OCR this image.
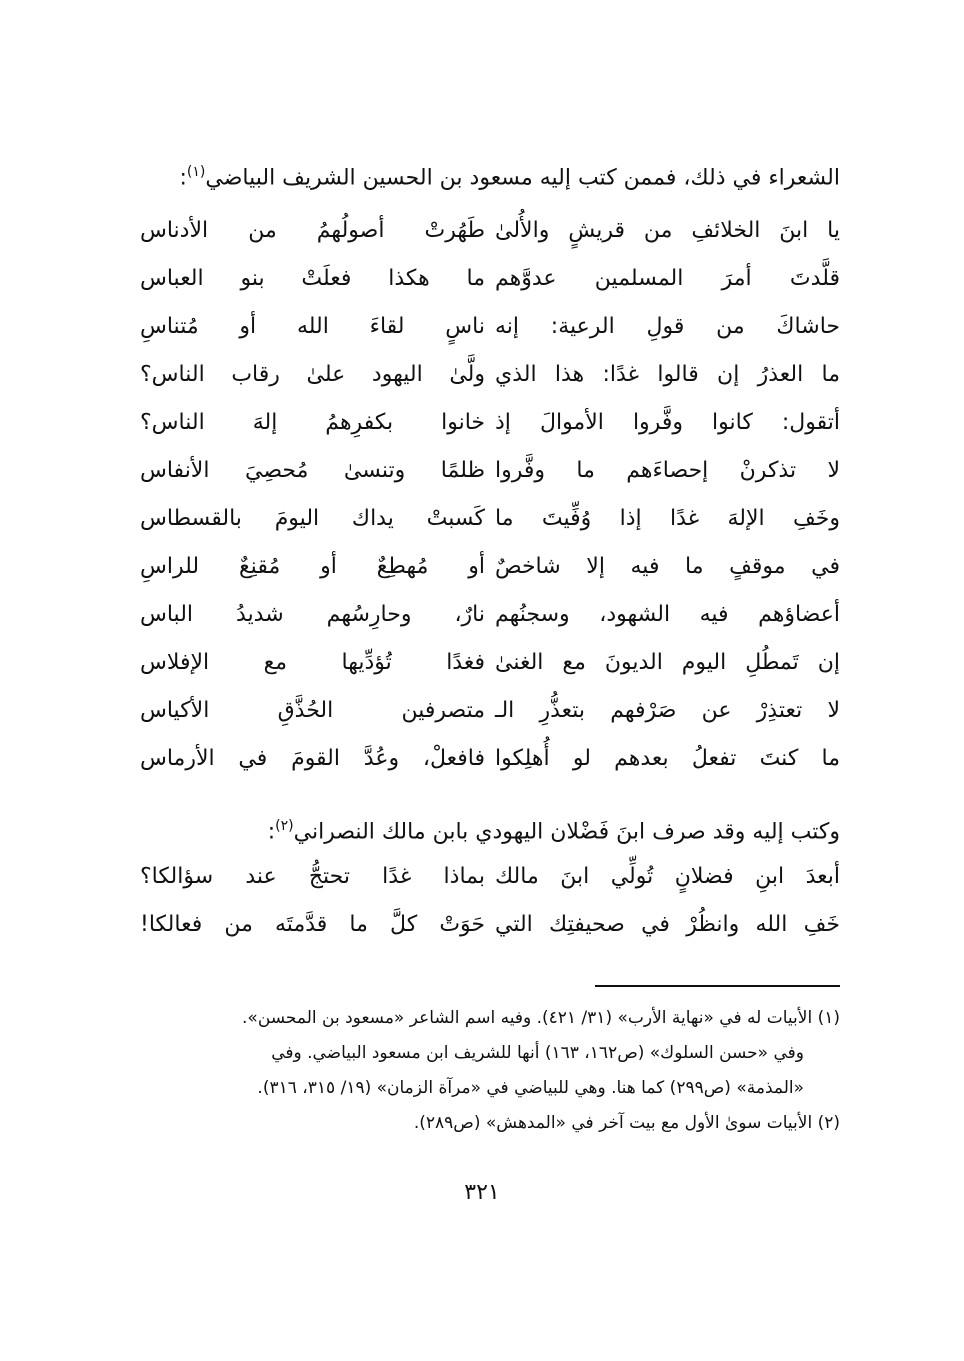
الشعراء في ذلك، فممن كتب إليه مسعود بن الحسين الشريف البياضي$^{(١)}$:
يا ابنَ الخلائفِ من قريشٍ والأُلىٰ
طَهُرتْ أصولُهمُ من الأدناس
قلَّدتَ أمرَ المسلمين عدوَّهم
ما هكذا فعلَتْ بنو العباس
حاشاكَ من قولِ الرعية: إنه
ناسٍ لقاءَ الله أو مُتناسِ
ما العذرُ إن قالوا غدًا: هذا الذي
ولَّىٰ اليهود علىٰ رقاب الناس؟
أتقول: كانوا وفَّروا الأموالَ إذ
خانوا بكفرِهمُ إلهَ الناس؟
لا تذكرنْ إحصاءَهم ما وفَّروا
ظلمًا وتنسىٰ مُحصِيَ الأنفاس
وخَفِ الإلهَ غدًا إذا وُفِّيتَ ما
كَسبتْ يداك اليومَ بالقسطاس
في موقفٍ ما فيه إلا شاخصٌ
أو مُهطِعٌ أو مُقنِعٌ للراسِ
أعضاؤهم فيه الشهود، وسجنُهم
نارٌ، وحارِسُهم شديدُ الباس
إن تَمطُلِ اليوم الديونَ مع الغنىٰ
فغدًا تُؤدِّيها مع الإفلاس
لا تعتذِرْ عن صَرْفهم بتعذُّرِ الـ
متصرفين الحُذَّقِ الأكياس
ما كنتَ تفعلُ بعدهم لو أُهلِكوا
فافعلْ، وعُدَّ القومَ في الأرماس
وكتب إليه وقد صرف ابنَ فَضْلان اليهودي بابن مالك النصراني$^{(٢)}$:
أبعدَ ابنِ فضلانٍ تُولِّي ابنَ مالك
بماذا غدًا تحتجُّ عند سؤالكا؟
خَفِ الله وانظُرْ في صحيفتِك التي
حَوَتْ كلَّ ما قدَّمتَه من فعالكا!
(١) الأبيات له في «نهاية الأرب» (٣١/ ٤٢١). وفيه اسم الشاعر «مسعود بن المحسن».
وفي «حسن السلوك» (ص١٦٢، ١٦٣) أنها للشريف ابن مسعود البياضي. وفي
«المذمة» (ص٢٩٩) كما هنا. وهي للبياضي في «مرآة الزمان» (١٩/ ٣١٥، ٣١٦).
(٢) الأبيات سوىٰ الأول مع بيت آخر في «المدهش» (ص٢٨٩).
٣٢١
